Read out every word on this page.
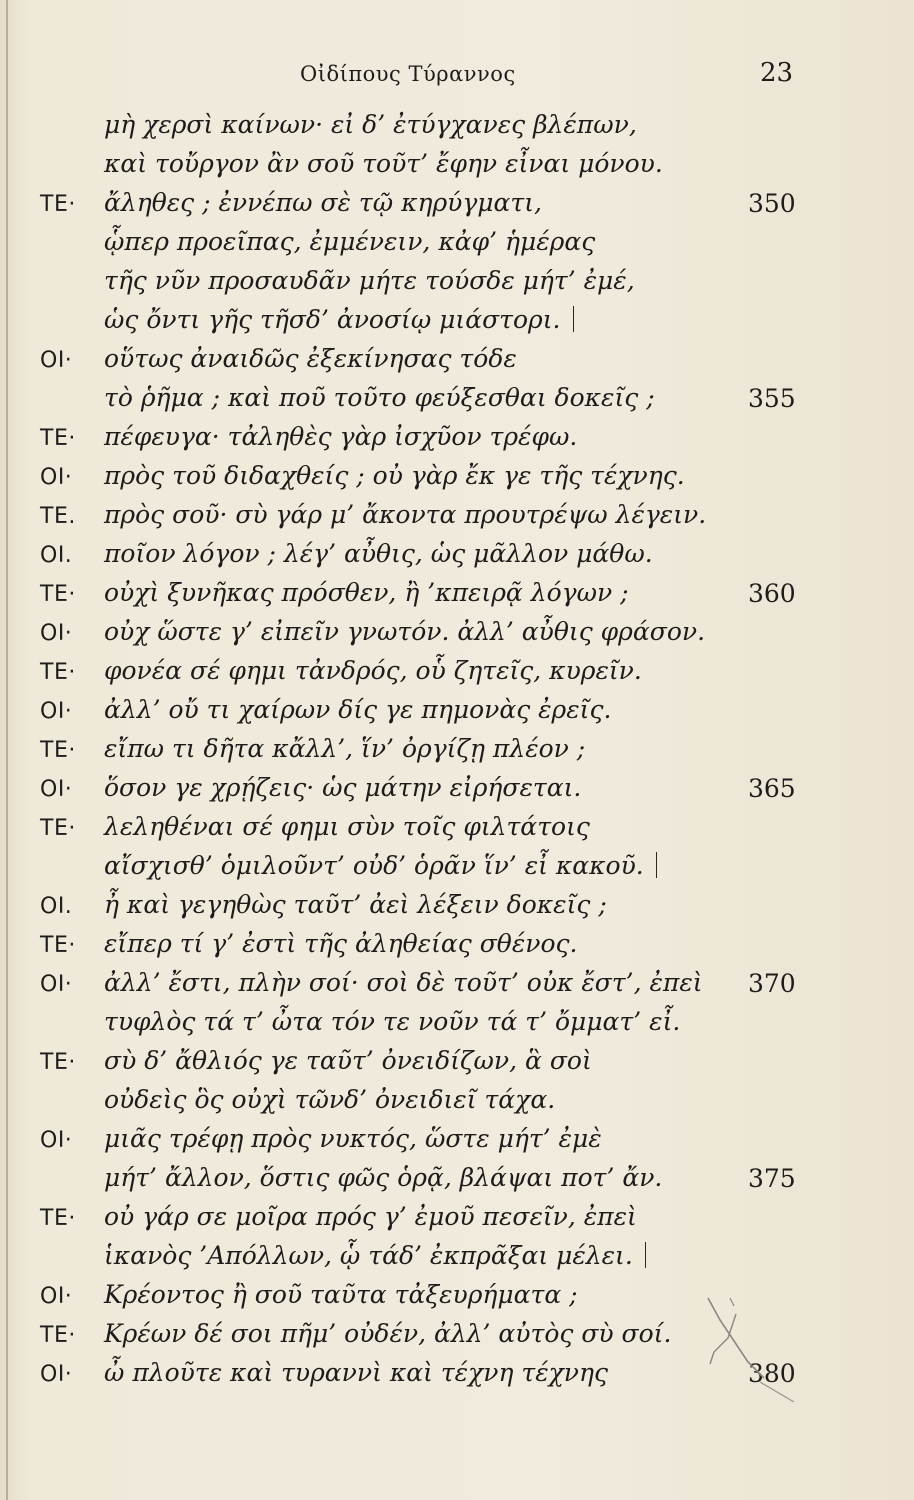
Οἰδίπους Τύραννος	23
μὴ χερσὶ καίνων· εἰ δ’ ἐτύγχανες βλέπων,
καὶ τοὔργον ἂν σοῦ τοῦτ’ ἔφην εἶναι μόνου.
ΤΕ· ἄληθες ; ἐννέπω σὲ τῷ κηρύγματι,	350
ᾧπερ προεῖπας, ἐμμένειν, κἀφ’ ἡμέρας
τῆς νῦν προσαυδᾶν μήτε τούσδε μήτ’ ἐμέ,
ὡς ὄντι γῆς τῆσδ’ ἀνοσίῳ μιάστορι.
ΟΙ· οὕτως ἀναιδῶς ἐξεκίνησας τόδε
τὸ ῥῆμα ; καὶ ποῦ τοῦτο φεύξεσθαι δοκεῖς ;	355
ΤΕ· πέφευγα· τἀληθὲς γὰρ ἰσχῦον τρέφω.
ΟΙ· πρὸς τοῦ διδαχθείς ; οὐ γὰρ ἔκ γε τῆς τέχνης.
ΤΕ. πρὸς σοῦ· σὺ γάρ μ’ ἄκοντα προυτρέψω λέγειν.
ΟΙ. ποῖον λόγον ; λέγ’ αὖθις, ὡς μᾶλλον μάθω.
ΤΕ· οὐχὶ ξυνῆκας πρόσθεν, ἢ ’κπειρᾷ λόγων ;	360
ΟΙ· οὐχ ὥστε γ’ εἰπεῖν γνωτόν. ἀλλ’ αὖθις φράσον.
ΤΕ· φονέα σέ φημι τἀνδρός, οὗ ζητεῖς, κυρεῖν.
ΟΙ· ἀλλ’ οὔ τι χαίρων δίς γε πημονὰς ἐρεῖς.
ΤΕ· εἴπω τι δῆτα κἄλλ’, ἵν’ ὀργίζῃ πλέον ;
ΟΙ· ὅσον γε χρῄζεις· ὡς μάτην εἰρήσεται.	365
ΤΕ· λεληθέναι σέ φημι σὺν τοῖς φιλτάτοις
αἴσχισθ’ ὁμιλοῦντ’ οὐδ’ ὁρᾶν ἵν’ εἶ κακοῦ.
ΟΙ. ἦ καὶ γεγηθὼς ταῦτ’ ἀεὶ λέξειν δοκεῖς ;
ΤΕ· εἴπερ τί γ’ ἐστὶ τῆς ἀληθείας σθένος.
ΟΙ· ἀλλ’ ἔστι, πλὴν σοί· σοὶ δὲ τοῦτ’ οὐκ ἔστ’, ἐπεὶ 370
τυφλὸς τά τ’ ὦτα τόν τε νοῦν τά τ’ ὄμματ’ εἶ.
ΤΕ· σὺ δ’ ἄθλιός γε ταῦτ’ ὀνειδίζων, ἃ σοὶ
οὐδεὶς ὃς οὐχὶ τῶνδ’ ὀνειδιεῖ τάχα.
ΟΙ· μιᾶς τρέφῃ πρὸς νυκτός, ὥστε μήτ’ ἐμὲ
μήτ’ ἄλλον, ὅστις φῶς ὁρᾷ, βλάψαι ποτ’ ἄν.	375
ΤΕ· οὐ γάρ σε μοῖρα πρός γ’ ἐμοῦ πεσεῖν, ἐπεὶ
ἱκανὸς ’Απόλλων, ᾧ τάδ’ ἐκπρᾶξαι μέλει.
ΟΙ· Κρέοντος ἢ σοῦ ταῦτα τἀξευρήματα ;
ΤΕ· Κρέων δέ σοι πῆμ’ οὐδέν, ἀλλ’ αὐτὸς σὺ σοί.
ΟΙ· ὦ πλοῦτε καὶ τυραννὶ καὶ τέχνη τέχνης	380
